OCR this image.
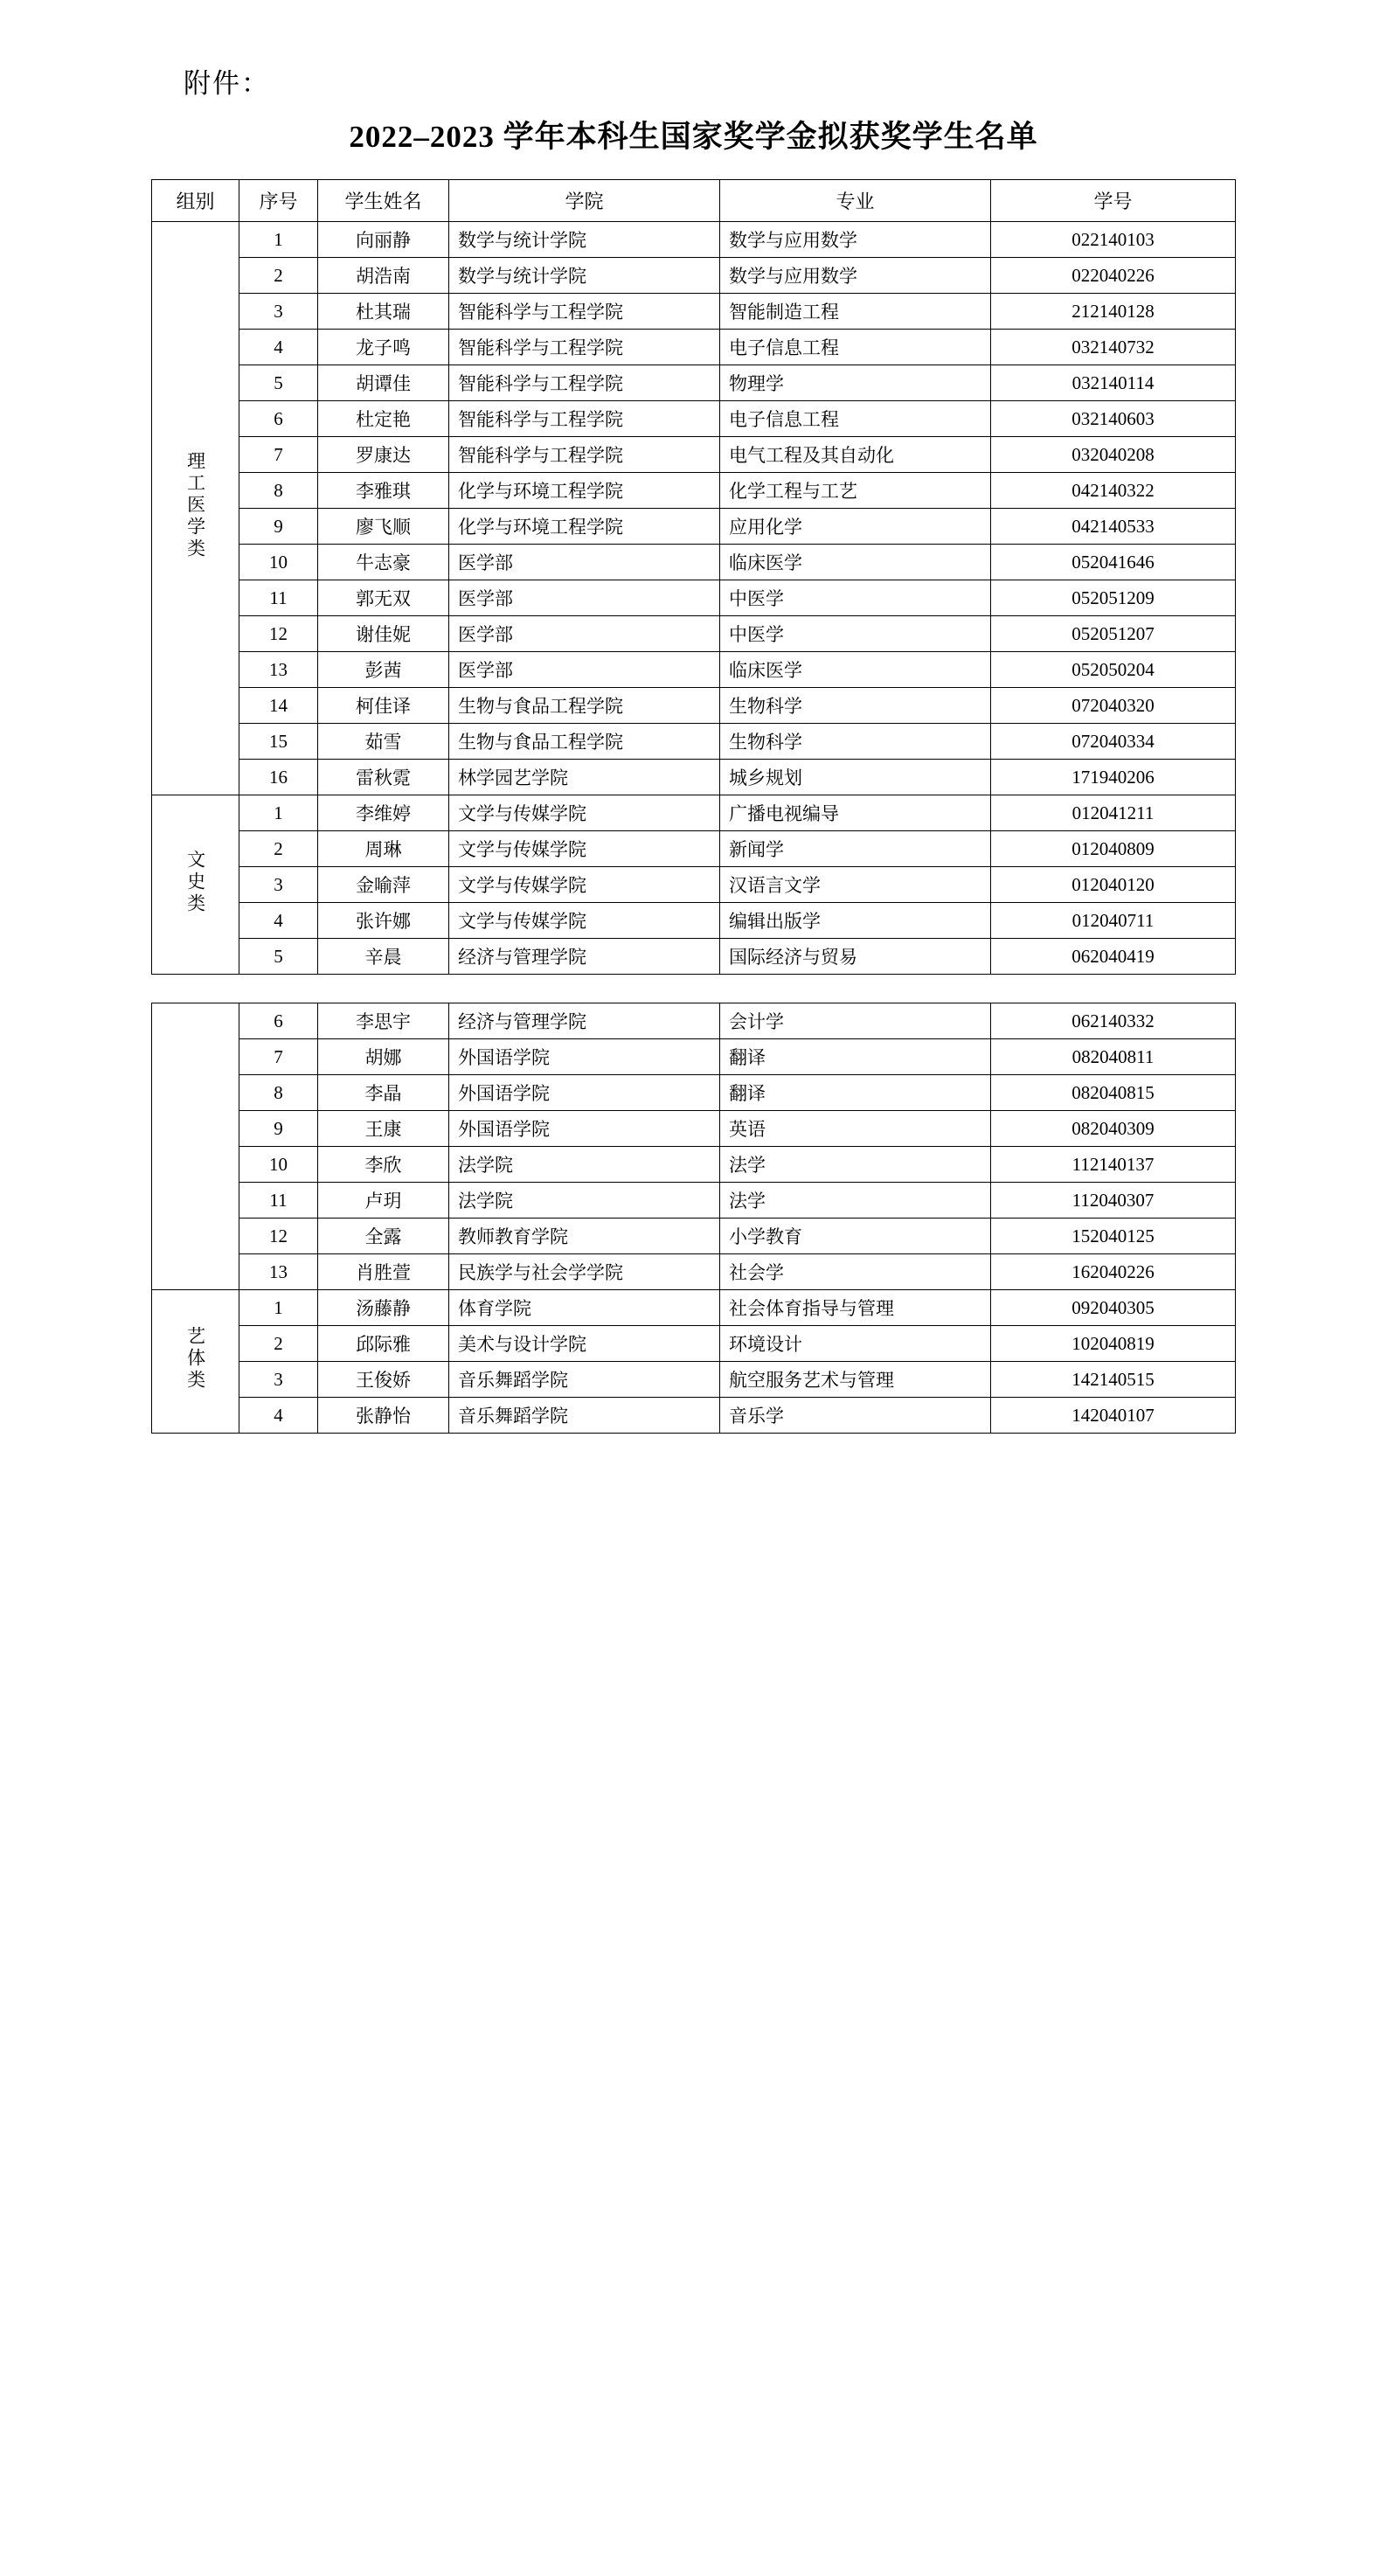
附件：
2022–2023 学年本科生国家奖学金拟获奖学生名单
组别	序号	学生姓名	学院	专业	学号
理工医学类	1	向丽静	数学与统计学院	数学与应用数学	022140103
	2	胡浩南	数学与统计学院	数学与应用数学	022040226
	3	杜其瑞	智能科学与工程学院	智能制造工程	212140128
	4	龙子鸣	智能科学与工程学院	电子信息工程	032140732
	5	胡谭佳	智能科学与工程学院	物理学	032140114
	6	杜定艳	智能科学与工程学院	电子信息工程	032140603
	7	罗康达	智能科学与工程学院	电气工程及其自动化	032040208
	8	李雅琪	化学与环境工程学院	化学工程与工艺	042140322
	9	廖飞顺	化学与环境工程学院	应用化学	042140533
	10	牛志豪	医学部	临床医学	052041646
	11	郭无双	医学部	中医学	052051209
	12	谢佳妮	医学部	中医学	052051207
	13	彭茜	医学部	临床医学	052050204
	14	柯佳译	生物与食品工程学院	生物科学	072040320
	15	茹雪	生物与食品工程学院	生物科学	072040334
	16	雷秋霓	林学园艺学院	城乡规划	171940206
文史类	1	李维婷	文学与传媒学院	广播电视编导	012041211
	2	周琳	文学与传媒学院	新闻学	012040809
	3	金喻萍	文学与传媒学院	汉语言文学	012040120
	4	张许娜	文学与传媒学院	编辑出版学	012040711
	5	辛晨	经济与管理学院	国际经济与贸易	062040419
	6	李思宇	经济与管理学院	会计学	062140332
	7	胡娜	外国语学院	翻译	082040811
	8	李晶	外国语学院	翻译	082040815
	9	王康	外国语学院	英语	082040309
	10	李欣	法学院	法学	112140137
	11	卢玥	法学院	法学	112040307
	12	全露	教师教育学院	小学教育	152040125
	13	肖胜萱	民族学与社会学学院	社会学	162040226
艺体类	1	汤藤静	体育学院	社会体育指导与管理	092040305
	2	邱际雅	美术与设计学院	环境设计	102040819
	3	王俊娇	音乐舞蹈学院	航空服务艺术与管理	142140515
	4	张静怡	音乐舞蹈学院	音乐学	142040107
